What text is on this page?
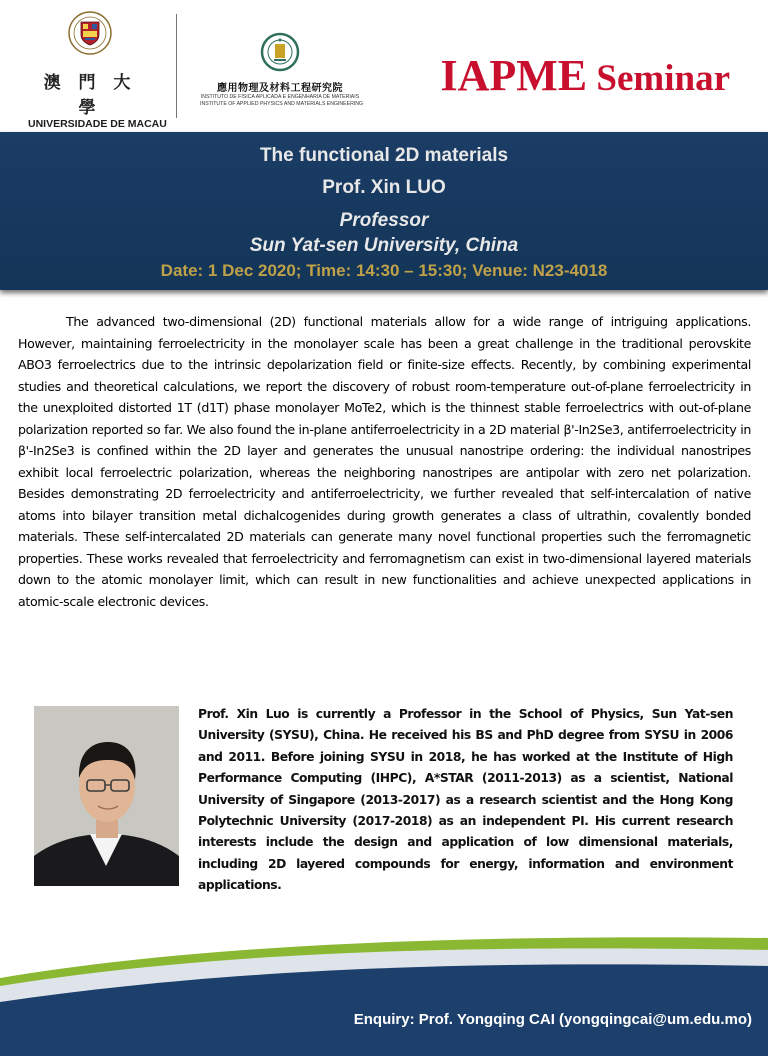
澳 門 大 學
UNIVERSIDADE DE MACAU
應用物理及材料工程研究院
INSTITUTO DE FÍSICA APLICADA E ENGENHARIA DE MATERIAIS
INSTITUTE OF APPLIED PHYSICS AND MATERIALS ENGINEERING
IAPME Seminar
The functional 2D materials
Prof. Xin LUO
Professor
Sun Yat-sen University, China
Date: 1 Dec 2020; Time: 14:30 – 15:30; Venue: N23-4018

The advanced two-dimensional (2D) functional materials allow for a wide range of intriguing applications. However, maintaining ferroelectricity in the monolayer scale has been a great challenge in the traditional perovskite ABO3 ferroelectrics due to the intrinsic depolarization field or finite-size effects. Recently, by combining experimental studies and theoretical calculations, we report the discovery of robust room-temperature out-of-plane ferroelectricity in the unexploited distorted 1T (d1T) phase monolayer MoTe2, which is the thinnest stable ferroelectrics with out-of-plane polarization reported so far. We also found the in-plane antiferroelectricity in a 2D material β'-In2Se3, antiferroelectricity in β'-In2Se3 is confined within the 2D layer and generates the unusual nanostripe ordering: the individual nanostripes exhibit local ferroelectric polarization, whereas the neighboring nanostripes are antipolar with zero net polarization. Besides demonstrating 2D ferroelectricity and antiferroelectricity, we further revealed that self-intercalation of native atoms into bilayer transition metal dichalcogenides during growth generates a class of ultrathin, covalently bonded materials. These self-intercalated 2D materials can generate many novel functional properties such the ferromagnetic properties. These works revealed that ferroelectricity and ferromagnetism can exist in two-dimensional layered materials down to the atomic monolayer limit, which can result in new functionalities and achieve unexpected applications in atomic-scale electronic devices.

Prof. Xin Luo is currently a Professor in the School of Physics, Sun Yat-sen University (SYSU), China. He received his BS and PhD degree from SYSU in 2006 and 2011. Before joining SYSU in 2018, he has worked at the Institute of High Performance Computing (IHPC), A*STAR (2011-2013) as a scientist, National University of Singapore (2013-2017) as a research scientist and the Hong Kong Polytechnic University (2017-2018) as an independent PI. His current research interests include the design and application of low dimensional materials, including 2D layered compounds for energy, information and environment applications.

Enquiry: Prof. Yongqing CAI (yongqingcai@um.edu.mo)
